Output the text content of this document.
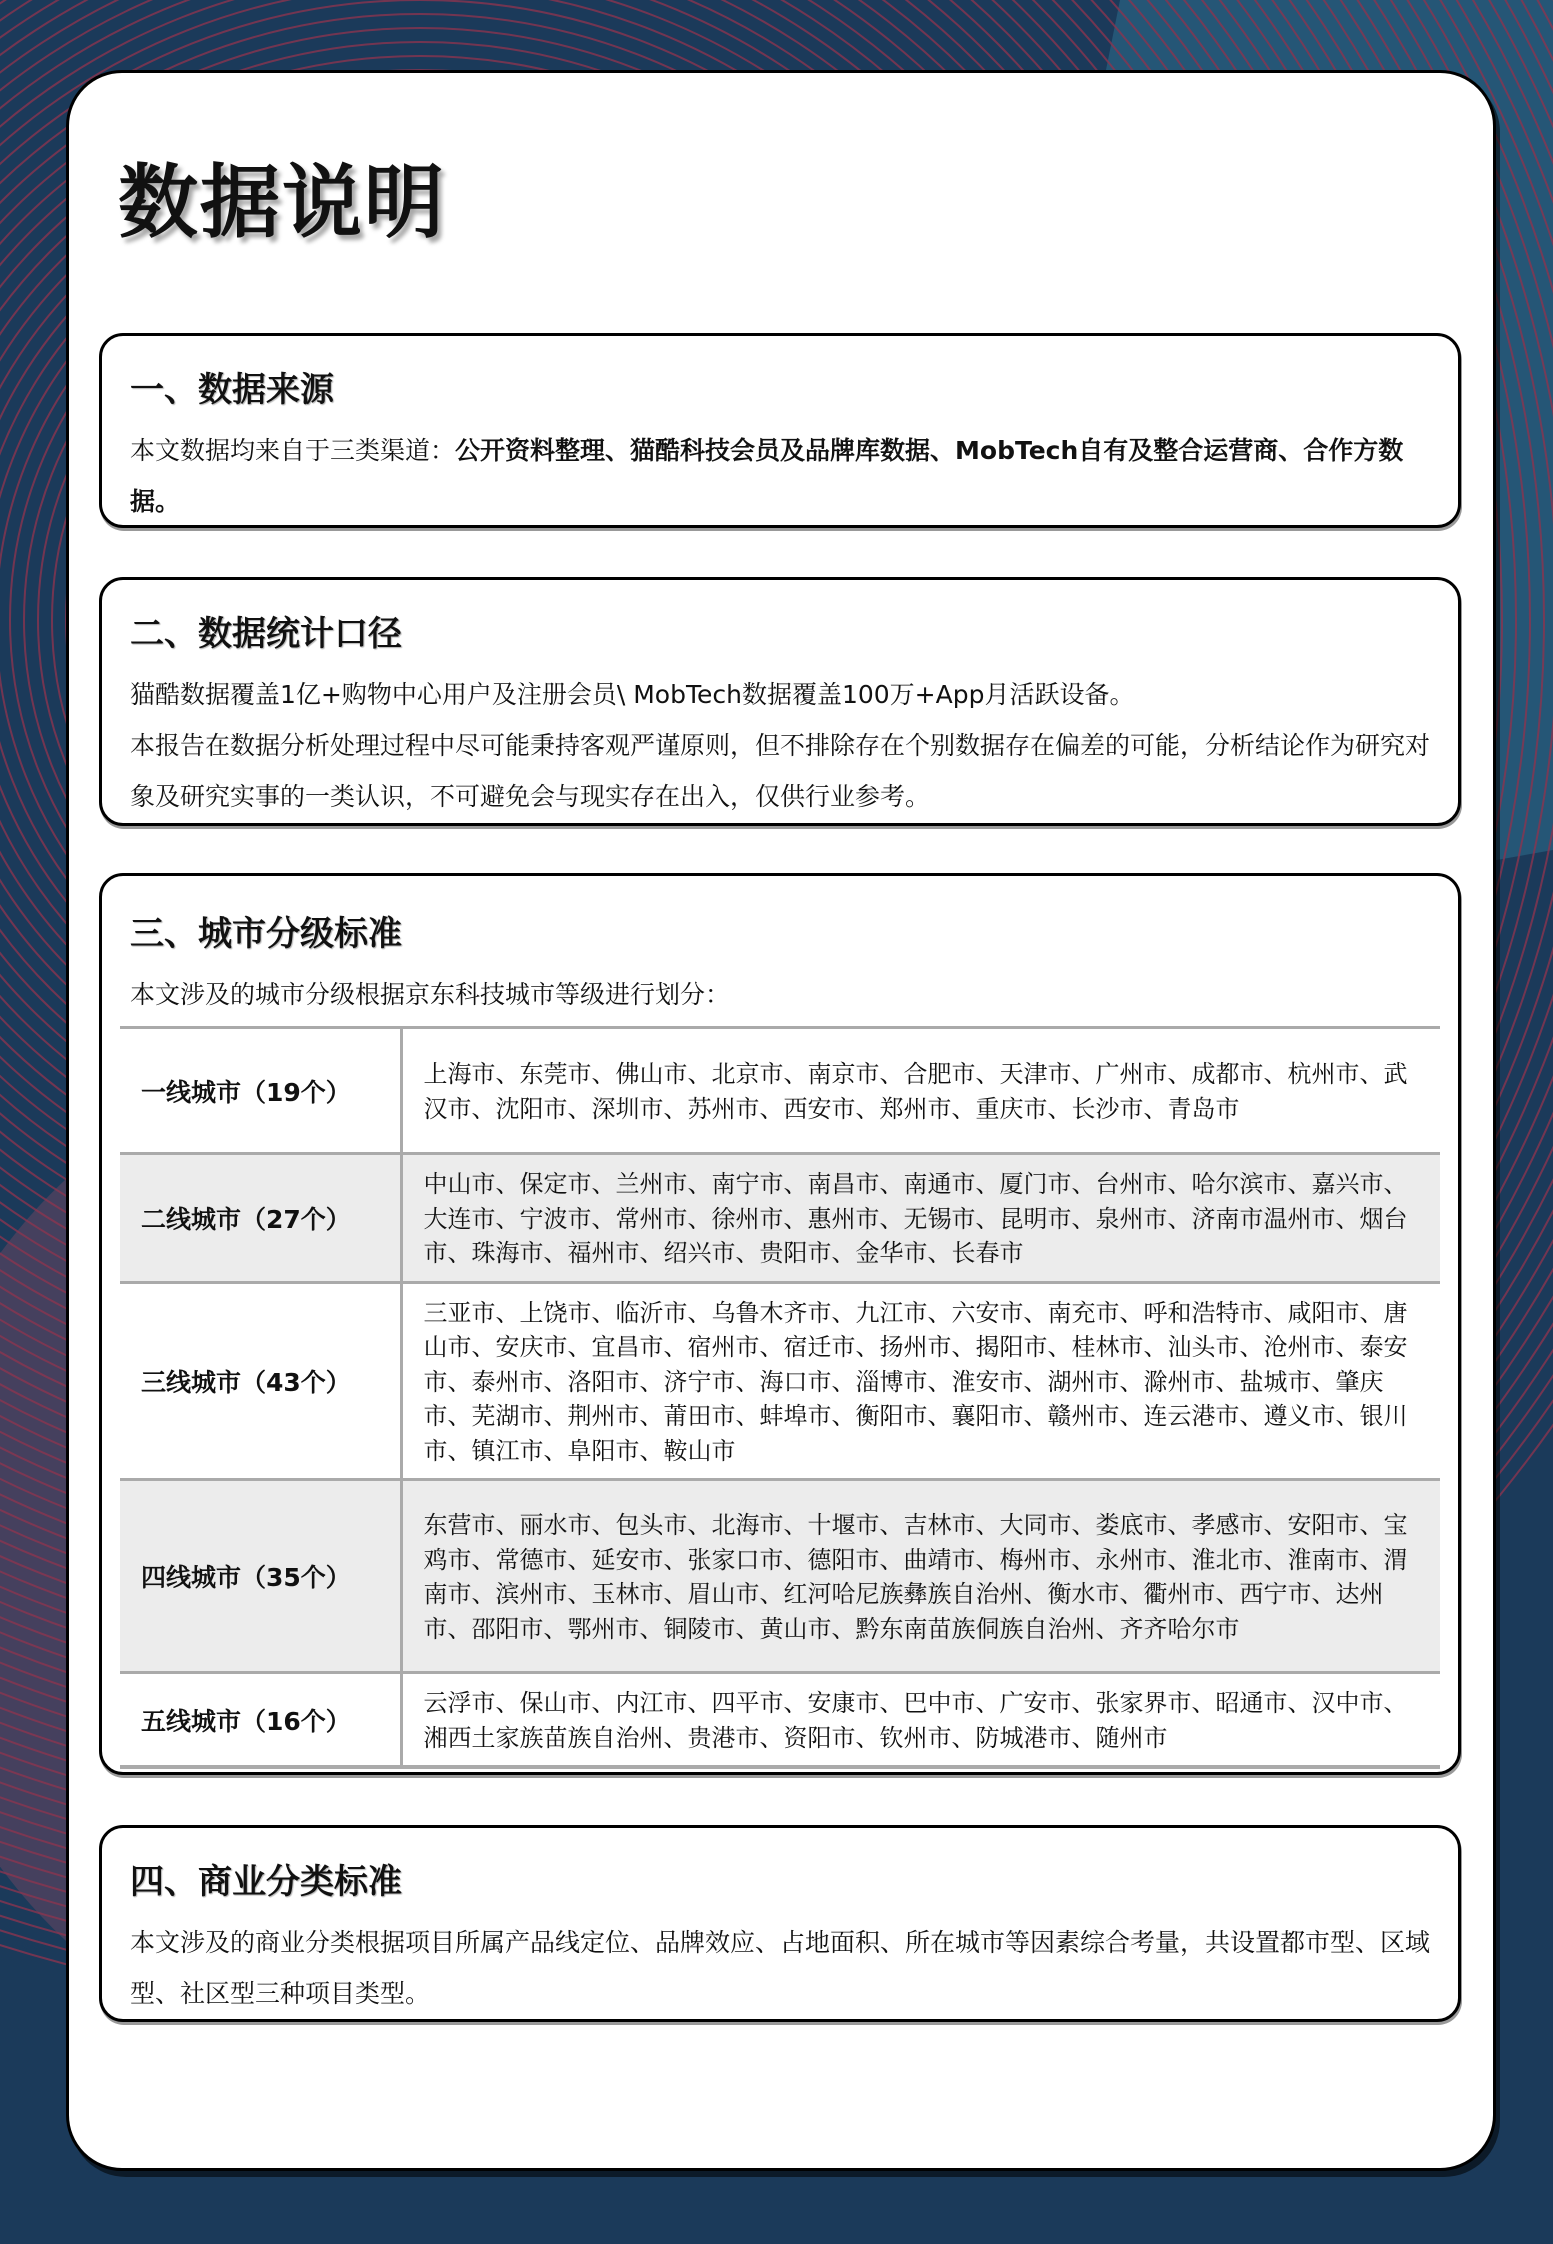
数据说明
一、数据来源

本文数据均来自于三类渠道：公开资料整理、猫酷科技会员及品牌库数据、MobTech自有及整合运营商、合作方数据。

二、数据统计口径

猫酷数据覆盖1亿+购物中心用户及注册会员\ MobTech数据覆盖100万+App月活跃设备。

本报告在数据分析处理过程中尽可能秉持客观严谨原则，但不排除存在个别数据存在偏差的可能，分析结论作为研究对象及研究实事的一类认识，不可避免会与现实存在出入，仅供行业参考。

三、城市分级标准

本文涉及的城市分级根据京东科技城市等级进行划分：

一线城市（19个）	上海市、东莞市、佛山市、北京市、南京市、合肥市、天津市、广州市、成都市、杭州市、武汉市、沈阳市、深圳市、苏州市、西安市、郑州市、重庆市、长沙市、青岛市
二线城市（27个）	中山市、保定市、兰州市、南宁市、南昌市、南通市、厦门市、台州市、哈尔滨市、嘉兴市、大连市、宁波市、常州市、徐州市、惠州市、无锡市、昆明市、泉州市、济南市温州市、烟台市、珠海市、福州市、绍兴市、贵阳市、金华市、长春市
三线城市（43个）	三亚市、上饶市、临沂市、乌鲁木齐市、九江市、六安市、南充市、呼和浩特市、咸阳市、唐山市、安庆市、宜昌市、宿州市、宿迁市、扬州市、揭阳市、桂林市、汕头市、沧州市、泰安市、泰州市、洛阳市、济宁市、海口市、淄博市、淮安市、湖州市、滁州市、盐城市、肇庆市、芜湖市、荆州市、莆田市、蚌埠市、衡阳市、襄阳市、赣州市、连云港市、遵义市、银川市、镇江市、阜阳市、鞍山市
四线城市（35个）	东营市、丽水市、包头市、北海市、十堰市、吉林市、大同市、娄底市、孝感市、安阳市、宝鸡市、常德市、延安市、张家口市、德阳市、曲靖市、梅州市、永州市、淮北市、淮南市、渭南市、滨州市、玉林市、眉山市、红河哈尼族彝族自治州、衡水市、衢州市、西宁市、达州市、邵阳市、鄂州市、铜陵市、黄山市、黔东南苗族侗族自治州、齐齐哈尔市
五线城市（16个）	云浮市、保山市、内江市、四平市、安康市、巴中市、广安市、张家界市、昭通市、汉中市、湘西土家族苗族自治州、贵港市、资阳市、钦州市、防城港市、随州市
四、商业分类标准

本文涉及的商业分类根据项目所属产品线定位、品牌效应、占地面积、所在城市等因素综合考量，共设置都市型、区域型、社区型三种项目类型。
